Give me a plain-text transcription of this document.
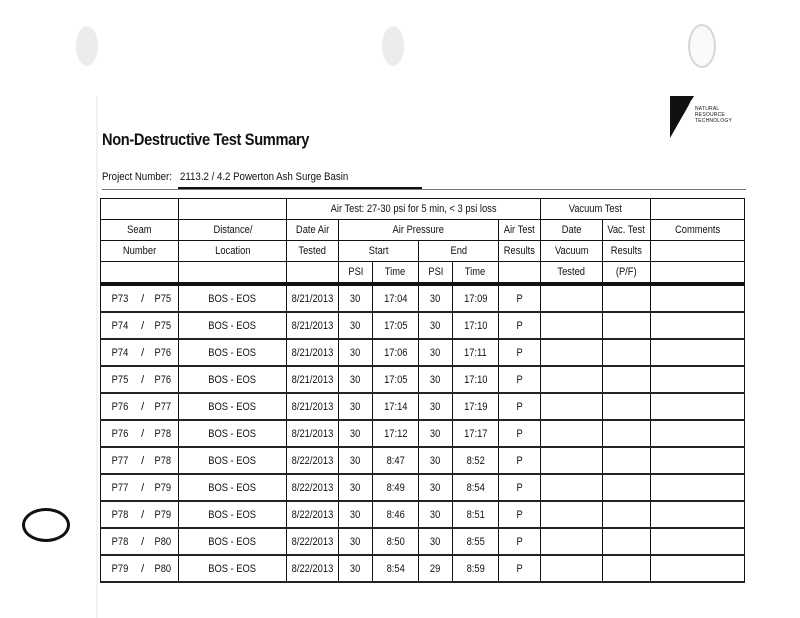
NATURAL
RESOURCE
TECHNOLOGY
Non-Destructive Test Summary
Project Number: 2113.2 / 4.2 Powerton Ash Surge Basin
		Air Test: 27-30 psi for 5 min, < 3 psi loss						Vacuum Test		
Seam	Distance/	Date Air	Air Pressure				Air Test	Date	Vac. Test	Comments
Number	Location	Tested	Start		End		Results	Vacuum	Results	
			PSI	Time	PSI	Time		Tested	(P/F)	

P73 / P75	BOS - EOS	8/21/2013	30	17:04	30	17:09	P			
P74 / P75	BOS - EOS	8/21/2013	30	17:05	30	17:10	P			
P74 / P76	BOS - EOS	8/21/2013	30	17:06	30	17:11	P			
P75 / P76	BOS - EOS	8/21/2013	30	17:05	30	17:10	P			
P76 / P77	BOS - EOS	8/21/2013	30	17:14	30	17:19	P			
P76 / P78	BOS - EOS	8/21/2013	30	17:12	30	17:17	P			
P77 / P78	BOS - EOS	8/22/2013	30	8:47	30	8:52	P			
P77 / P79	BOS - EOS	8/22/2013	30	8:49	30	8:54	P			
P78 / P79	BOS - EOS	8/22/2013	30	8:46	30	8:51	P			
P78 / P80	BOS - EOS	8/22/2013	30	8:50	30	8:55	P			
P79 / P80	BOS - EOS	8/22/2013	30	8:54	29	8:59	P			
